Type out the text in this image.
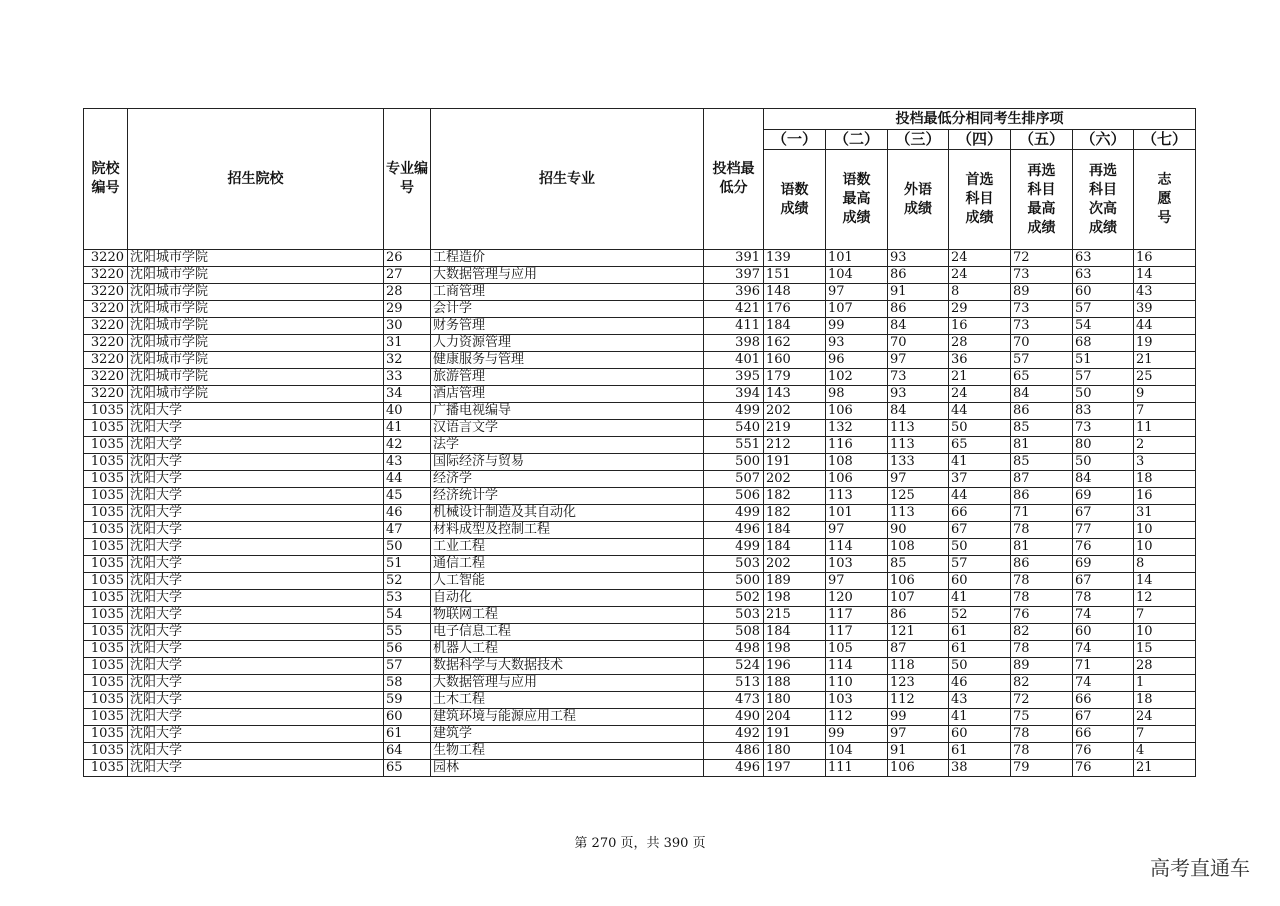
院校编号	招生院校	专业编号	招生专业	投档最低分	投档最低分相同考生排序项						
					（一）	（二）	（三）	（四）	（五）	（六）	（七）
					语数成绩	语数最高成绩	外语成绩	首选科目成绩	再选科目最高成绩	再选科目次高成绩	志愿号
3220	沈阳城市学院	26	工程造价	391	139	101	93	24	72	63	16
3220	沈阳城市学院	27	大数据管理与应用	397	151	104	86	24	73	63	14
3220	沈阳城市学院	28	工商管理	396	148	97	91	8	89	60	43
3220	沈阳城市学院	29	会计学	421	176	107	86	29	73	57	39
3220	沈阳城市学院	30	财务管理	411	184	99	84	16	73	54	44
3220	沈阳城市学院	31	人力资源管理	398	162	93	70	28	70	68	19
3220	沈阳城市学院	32	健康服务与管理	401	160	96	97	36	57	51	21
3220	沈阳城市学院	33	旅游管理	395	179	102	73	21	65	57	25
3220	沈阳城市学院	34	酒店管理	394	143	98	93	24	84	50	9
1035	沈阳大学	40	广播电视编导	499	202	106	84	44	86	83	7
1035	沈阳大学	41	汉语言文学	540	219	132	113	50	85	73	11
1035	沈阳大学	42	法学	551	212	116	113	65	81	80	2
1035	沈阳大学	43	国际经济与贸易	500	191	108	133	41	85	50	3
1035	沈阳大学	44	经济学	507	202	106	97	37	87	84	18
1035	沈阳大学	45	经济统计学	506	182	113	125	44	86	69	16
1035	沈阳大学	46	机械设计制造及其自动化	499	182	101	113	66	71	67	31
1035	沈阳大学	47	材料成型及控制工程	496	184	97	90	67	78	77	10
1035	沈阳大学	50	工业工程	499	184	114	108	50	81	76	10
1035	沈阳大学	51	通信工程	503	202	103	85	57	86	69	8
1035	沈阳大学	52	人工智能	500	189	97	106	60	78	67	14
1035	沈阳大学	53	自动化	502	198	120	107	41	78	78	12
1035	沈阳大学	54	物联网工程	503	215	117	86	52	76	74	7
1035	沈阳大学	55	电子信息工程	508	184	117	121	61	82	60	10
1035	沈阳大学	56	机器人工程	498	198	105	87	61	78	74	15
1035	沈阳大学	57	数据科学与大数据技术	524	196	114	118	50	89	71	28
1035	沈阳大学	58	大数据管理与应用	513	188	110	123	46	82	74	1
1035	沈阳大学	59	土木工程	473	180	103	112	43	72	66	18
1035	沈阳大学	60	建筑环境与能源应用工程	490	204	112	99	41	75	67	24
1035	沈阳大学	61	建筑学	492	191	99	97	60	78	66	7
1035	沈阳大学	64	生物工程	486	180	104	91	61	78	76	4
1035	沈阳大学	65	园林	496	197	111	106	38	79	76	21
第 270 页，共 390 页
高考直通车
